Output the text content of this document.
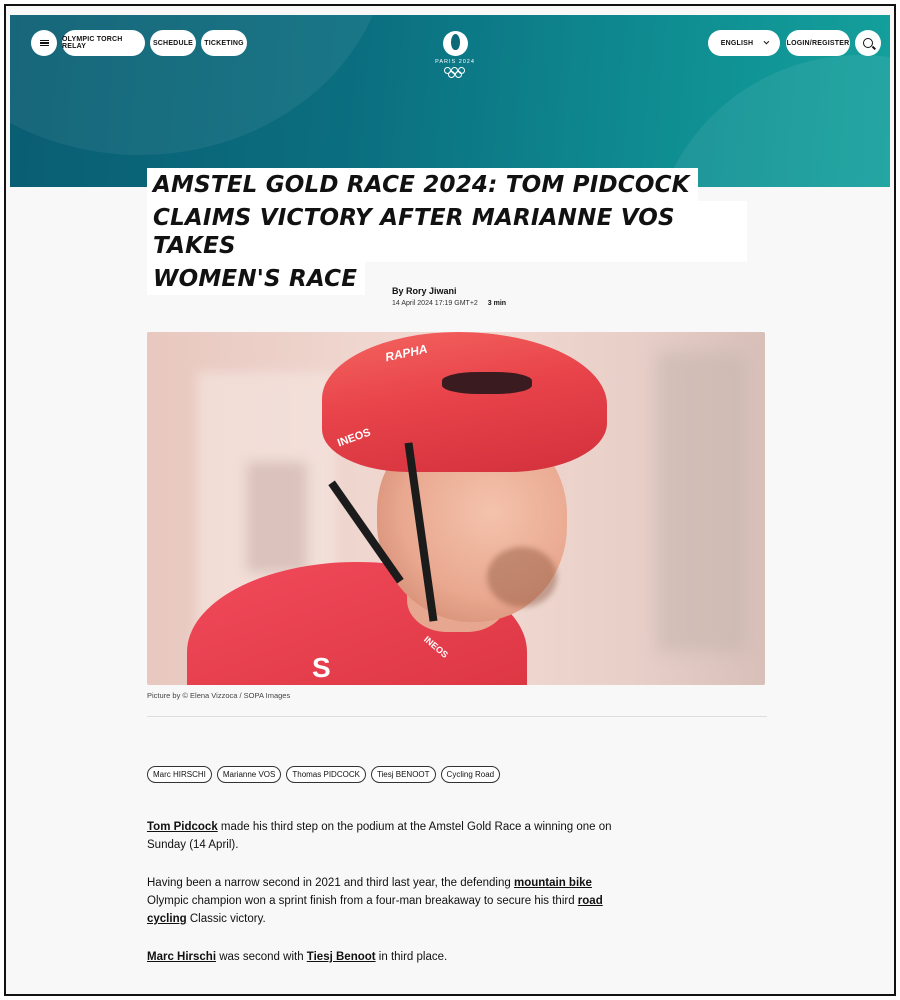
OLYMPIC TORCH RELAY	SCHEDULE	TICKETING
PARIS 2024
ENGLISH	LOGIN/REGISTER
AMSTEL GOLD RACE 2024: TOM PIDCOCK
CLAIMS VICTORY AFTER MARIANNE VOS TAKES
WOMEN'S RACE	By Rory Jiwani
14 April 2024 17:19 GMT+2 3 min
RAPHA
INEOS
INEOS
S
Picture by © Elena Vizzoca / SOPA Images
Marc HIRSCHI	Marianne VOS	Thomas PIDCOCK	Tiesj BENOOT	Cycling Road

Tom Pidcock made his third step on the podium at the Amstel Gold Race a winning one on Sunday (14 April).

Having been a narrow second in 2021 and third last year, the defending mountain bike Olympic champion won a sprint finish from a four-man breakaway to secure his third road cycling Classic victory.

Marc Hirschi was second with Tiesj Benoot in third place.
